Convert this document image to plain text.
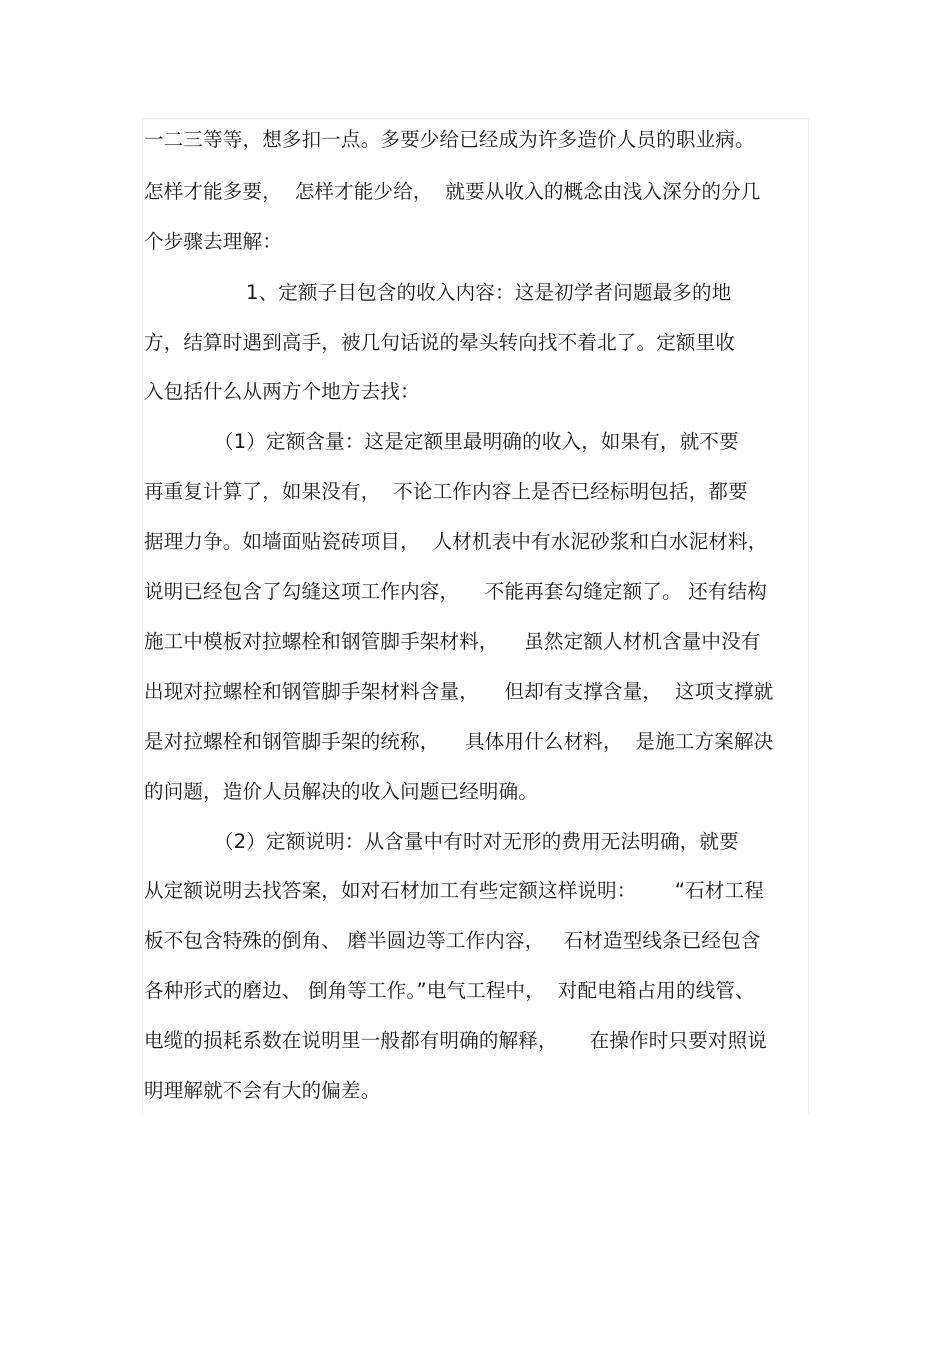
一二三等等，想多扣一点。多要少给已经成为许多造价人员的职业病。
怎样才能多要，  怎样才能少给，  就要从收入的概念由浅入深分的分几
个步骤去理解：
1、定额子目包含的收入内容：这是初学者问题最多的地
方，结算时遇到高手，被几句话说的晕头转向找不着北了。定额里收
入包括什么从两方个地方去找：
（1）定额含量：这是定额里最明确的收入，如果有，就不要
再重复计算了，如果没有，  不论工作内容上是否已经标明包括，都要
据理力争。如墙面贴瓷砖项目，  人材机表中有水泥砂浆和白水泥材料，
说明已经包含了勾缝这项工作内容，    不能再套勾缝定额了。 还有结构
施工中模板对拉螺栓和钢管脚手架材料，    虽然定额人材机含量中没有
出现对拉螺栓和钢管脚手架材料含量，    但却有支撑含量，  这项支撑就
是对拉螺栓和钢管脚手架的统称，    具体用什么材料，  是施工方案解决
的问题，造价人员解决的收入问题已经明确。
（2）定额说明：从含量中有时对无形的费用无法明确，就要
从定额说明去找答案，如对石材加工有些定额这样说明：      “石材工程
板不包含特殊的倒角、 磨半圆边等工作内容，   石材造型线条已经包含
各种形式的磨边、 倒角等工作。”电气工程中，  对配电箱占用的线管、
电缆的损耗系数在说明里一般都有明确的解释，     在操作时只要对照说
明理解就不会有大的偏差。
